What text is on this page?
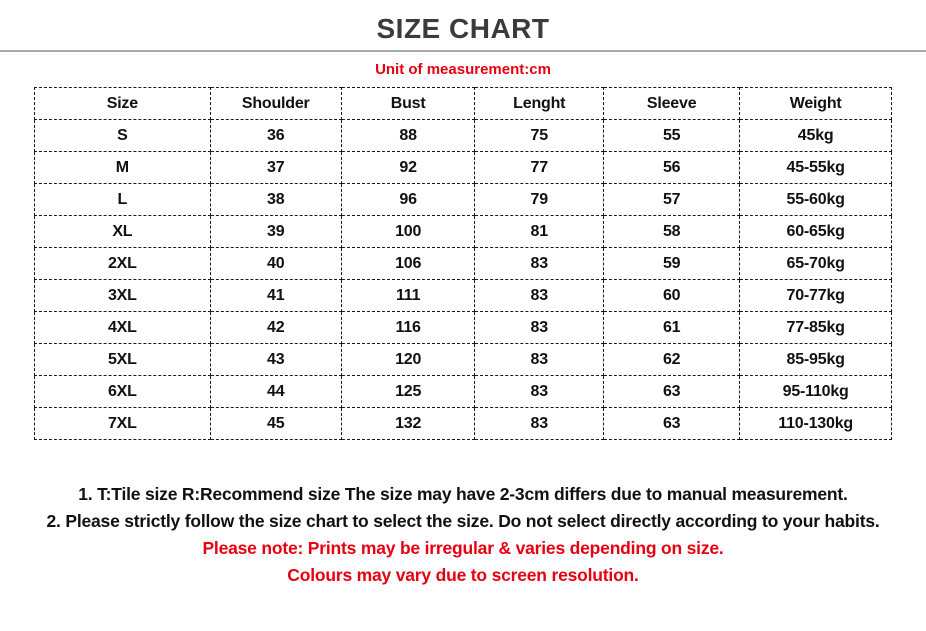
SIZE CHART
Unit of measurement:cm
Size	Shoulder	Bust	Lenght	Sleeve	Weight
S	36	88	75	55	45kg
M	37	92	77	56	45-55kg
L	38	96	79	57	55-60kg
XL	39	100	81	58	60-65kg
2XL	40	106	83	59	65-70kg
3XL	41	111	83	60	70-77kg
4XL	42	116	83	61	77-85kg
5XL	43	120	83	62	85-95kg
6XL	44	125	83	63	95-110kg
7XL	45	132	83	63	110-130kg
1. T:Tile size R:Recommend size The size may have 2-3cm differs due to manual measurement.
2. Please strictly follow the size chart to select the size. Do not select directly according to your habits.
Please note: Prints may be irregular & varies depending on size.
Colours may vary due to screen resolution.
